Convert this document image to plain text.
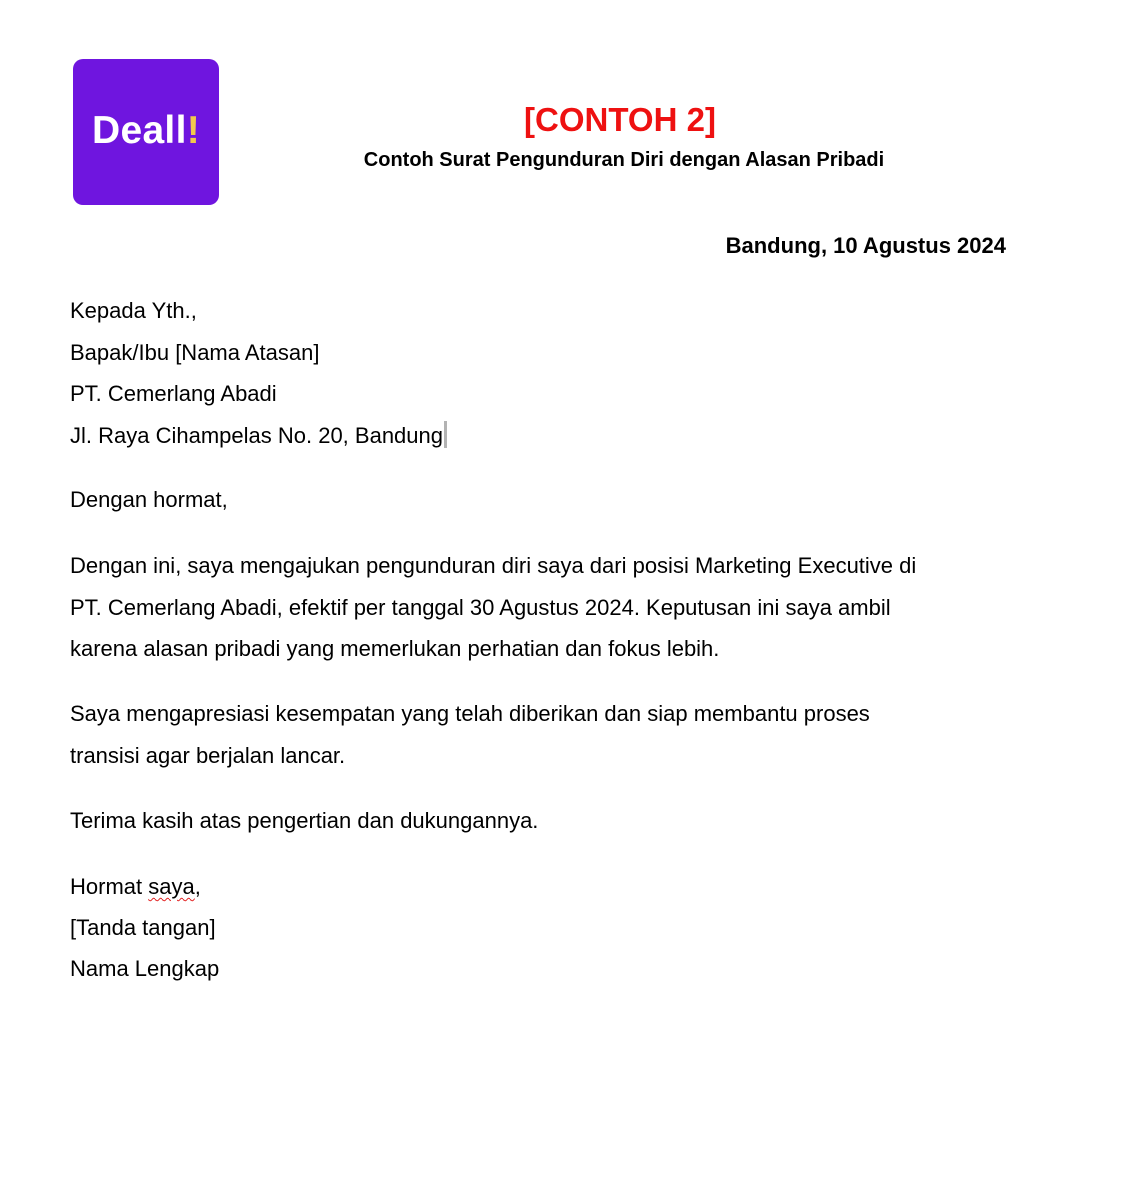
Deall!	[CONTOH 2]

Contoh Surat Pengunduran Diri dengan Alasan Pribadi

Bandung, 10 Agustus 2024

Kepada Yth.,
Bapak/Ibu [Nama Atasan]
PT. Cemerlang Abadi
Jl. Raya Cihampelas No. 20, Bandung

Dengan hormat,

Dengan ini, saya mengajukan pengunduran diri saya dari posisi Marketing Executive di
PT. Cemerlang Abadi, efektif per tanggal 30 Agustus 2024. Keputusan ini saya ambil
karena alasan pribadi yang memerlukan perhatian dan fokus lebih.
Saya mengapresiasi kesempatan yang telah diberikan dan siap membantu proses
transisi agar berjalan lancar.

Terima kasih atas pengertian dan dukungannya.

Hormat saya,
[Tanda tangan]
Nama Lengkap
